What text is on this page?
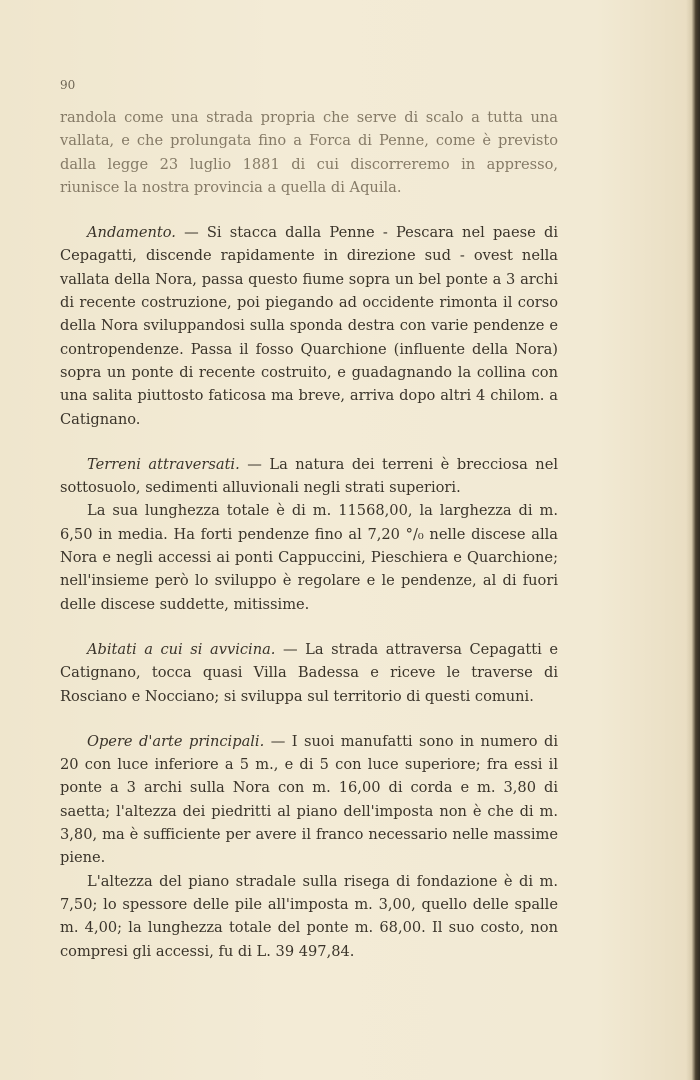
90

randola come una strada propria che serve di scalo a tutta una vallata, e che prolungata fino a Forca di Penne, come è previsto dalla legge 23 luglio 1881 di cui discorreremo in appresso, riunisce la nostra provincia a quella di Aquila.

Andamento. — Si stacca dalla Penne - Pescara nel paese di Cepagatti, discende rapidamente in direzione sud - ovest nella vallata della Nora, passa questo fiume sopra un bel ponte a 3 archi di recente costruzione, poi piegando ad occidente rimonta il corso della Nora sviluppandosi sulla sponda destra con varie pendenze e contropendenze. Passa il fosso Quarchione (influente della Nora) sopra un ponte di recente costruito, e guadagnando la collina con una salita piuttosto faticosa ma breve, arriva dopo altri 4 chilom. a Catignano.

Terreni attraversati. — La natura dei terreni è brecciosa nel sottosuolo, sedimenti alluvionali negli strati superiori.

La sua lunghezza totale è di m. 11568,00, la larghezza di m. 6,50 in media. Ha forti pendenze fino al 7,20 °/₀ nelle discese alla Nora e negli accessi ai ponti Cappuccini, Pieschiera e Quarchione; nell'insieme però lo sviluppo è regolare e le pendenze, al di fuori delle discese suddette, mitissime.

Abitati a cui si avvicina. — La strada attraversa Cepagatti e Catignano, tocca quasi Villa Badessa e riceve le traverse di Rosciano e Nocciano; si sviluppa sul territorio di questi comuni.

Opere d'arte principali. — I suoi manufatti sono in numero di 20 con luce inferiore a 5 m., e di 5 con luce superiore; fra essi il ponte a 3 archi sulla Nora con m. 16,00 di corda e m. 3,80 di saetta; l'altezza dei piedritti al piano dell'imposta non è che di m. 3,80, ma è sufficiente per avere il franco necessario nelle massime piene.

L'altezza del piano stradale sulla risega di fondazione è di m. 7,50; lo spessore delle pile all'imposta m. 3,00, quello delle spalle m. 4,00; la lunghezza totale del ponte m. 68,00. Il suo costo, non compresi gli accessi, fu di L. 39 497,84.
